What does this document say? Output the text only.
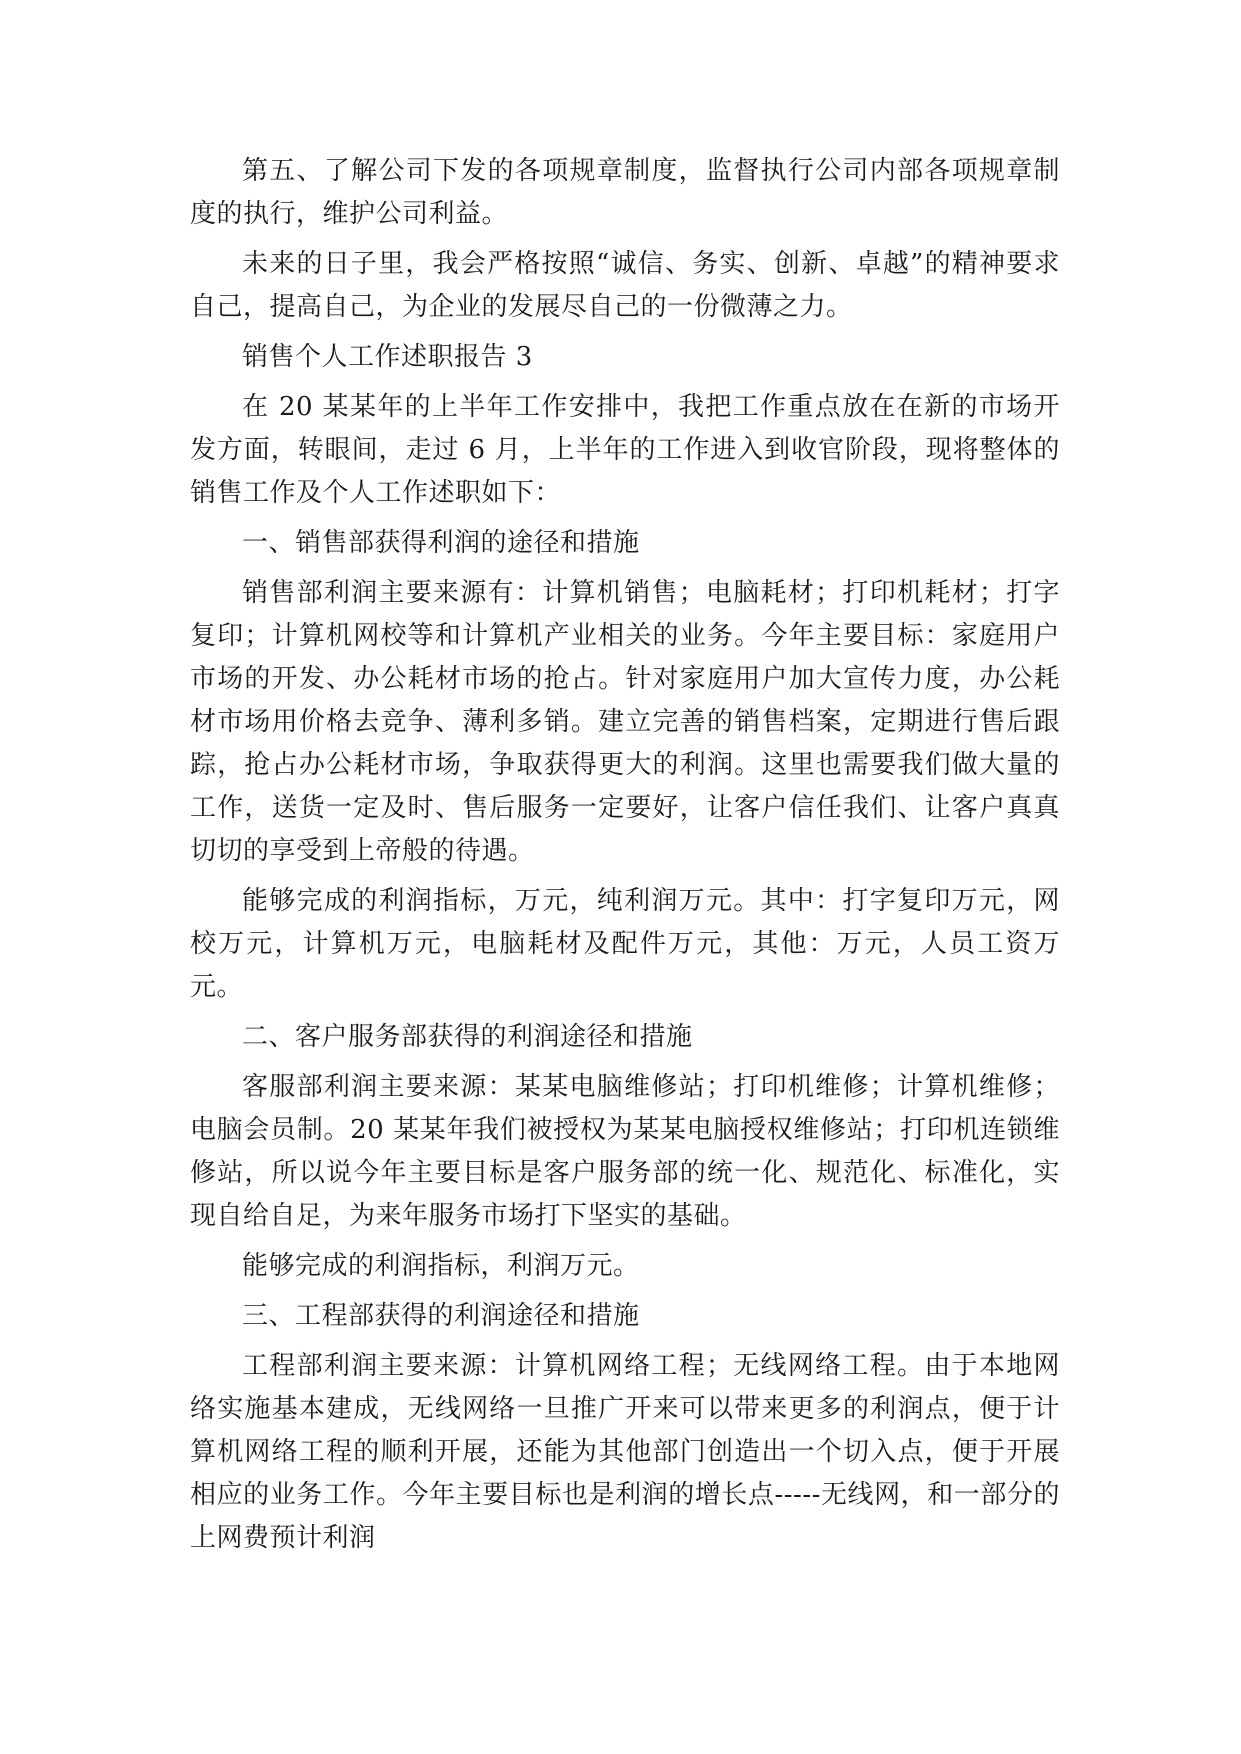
第五、了解公司下发的各项规章制度，监督执行公司内部各项规章制度的执行，维护公司利益。

未来的日子里，我会严格按照“诚信、务实、创新、卓越”的精神要求自己，提高自己，为企业的发展尽自己的一份微薄之力。

销售个人工作述职报告 3

在 20 某某年的上半年工作安排中，我把工作重点放在在新的市场开发方面，转眼间，走过 6 月，上半年的工作进入到收官阶段，现将整体的销售工作及个人工作述职如下：

一、销售部获得利润的途径和措施

销售部利润主要来源有：计算机销售；电脑耗材；打印机耗材；打字复印；计算机网校等和计算机产业相关的业务。今年主要目标：家庭用户市场的开发、办公耗材市场的抢占。针对家庭用户加大宣传力度，办公耗材市场用价格去竞争、薄利多销。建立完善的销售档案，定期进行售后跟踪，抢占办公耗材市场，争取获得更大的利润。这里也需要我们做大量的工作，送货一定及时、售后服务一定要好，让客户信任我们、让客户真真切切的享受到上帝般的待遇。

能够完成的利润指标，万元，纯利润万元。其中：打字复印万元，网校万元，计算机万元，电脑耗材及配件万元，其他：万元，人员工资万元。

二、客户服务部获得的利润途径和措施

客服部利润主要来源：某某电脑维修站；打印机维修；计算机维修；电脑会员制。20 某某年我们被授权为某某电脑授权维修站；打印机连锁维修站，所以说今年主要目标是客户服务部的统一化、规范化、标准化，实现自给自足，为来年服务市场打下坚实的基础。

能够完成的利润指标，利润万元。

三、工程部获得的利润途径和措施

工程部利润主要来源：计算机网络工程；无线网络工程。由于本地网络实施基本建成，无线网络一旦推广开来可以带来更多的利润点，便于计算机网络工程的顺利开展，还能为其他部门创造出一个切入点，便于开展相应的业务工作。今年主要目标也是利润的增长点-----无线网，和一部分的上网费预计利润
